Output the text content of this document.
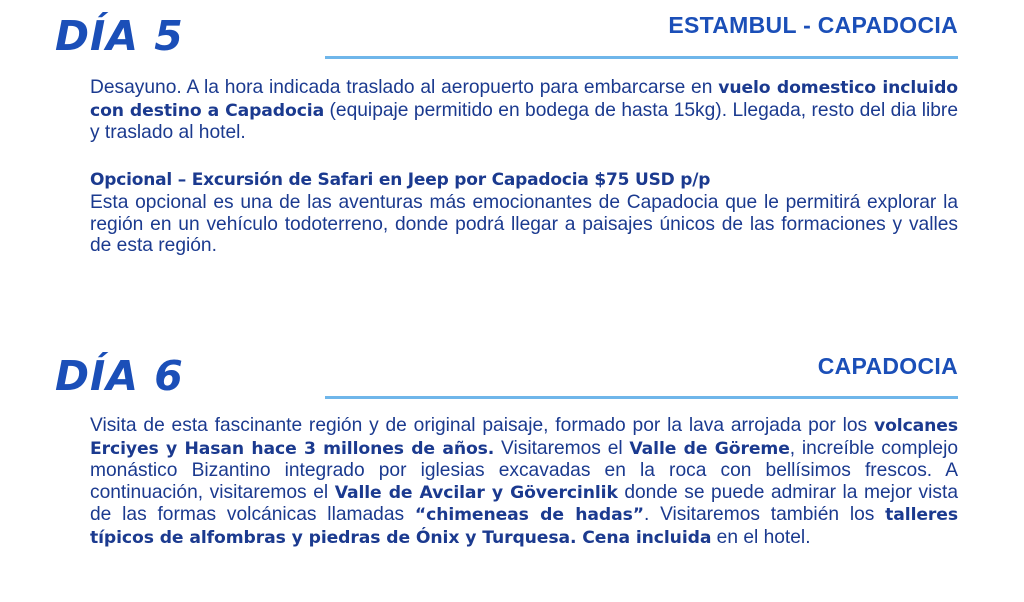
DÍA 5	ESTAMBUL - CAPADOCIA

Desayuno. A la hora indicada traslado al aeropuerto para embarcarse en vuelo domestico incluido con destino a Capadocia (equipaje permitido en bodega de hasta 15kg). Llegada, resto del dia libre y traslado al hotel.

Opcional – Excursión de Safari en Jeep por Capadocia $75 USD p/p

Esta opcional es una de las aventuras más emocionantes de Capadocia que le permitirá explorar la región en un vehículo todoterreno, donde podrá llegar a paisajes únicos de las formaciones y valles de esta región.

DÍA 6	CAPADOCIA

Visita de esta fascinante región y de original paisaje, formado por la lava arrojada por los volcanes Erciyes y Hasan hace 3 millones de años. Visitaremos el Valle de Göreme, increíble complejo monástico Bizantino integrado por iglesias excavadas en la roca con bellísimos frescos. A continuación, visitaremos el Valle de Avcilar y Gövercinlik donde se puede admirar la mejor vista de las formas volcánicas llamadas “chimeneas de hadas”. Visitaremos también los talleres típicos de alfombras y piedras de Ónix y Turquesa. Cena incluida en el hotel.
